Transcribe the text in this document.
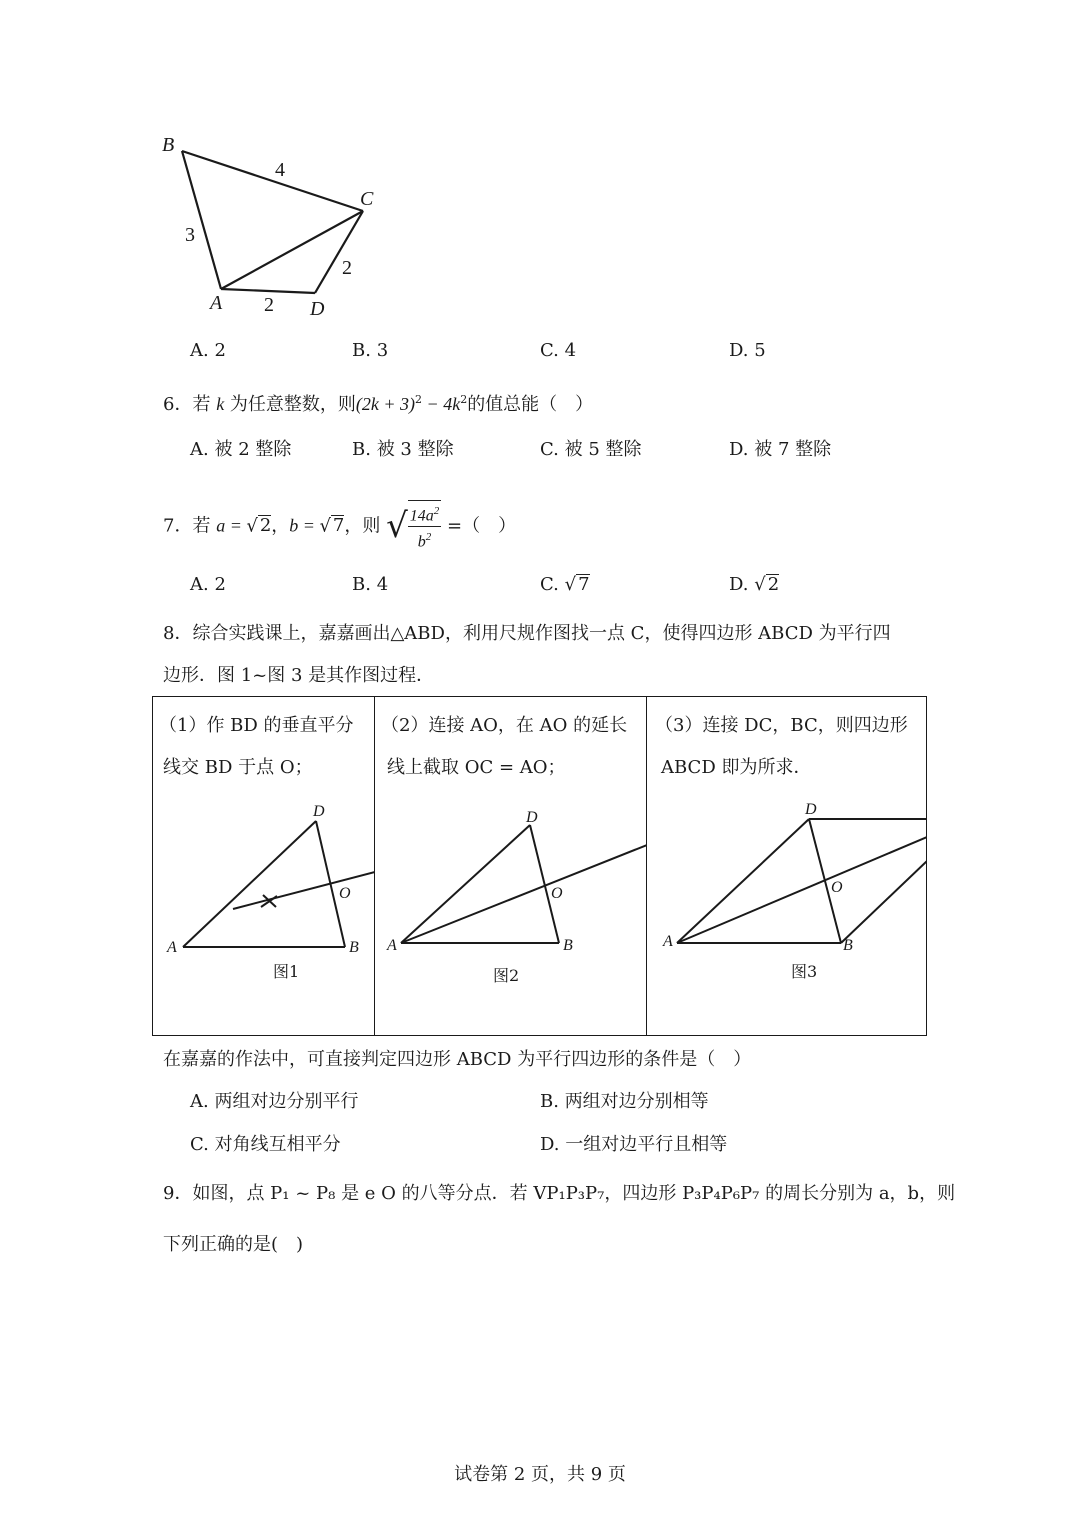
B
C
A	D
4
3
2
2
A. 2	B. 3	C. 4	D. 5
6．若 k 为任意整数，则$(2k + 3)^2 - 4k^2$的值总能（　）
A. 被 2 整除	B. 被 3 整除	C. 被 5 整除	D. 被 7 整除
7．若 a = √ 2，b = √ 7，则 √ $\frac{14a^2}{b^2}$ =（　）
A. 2	B. 4	C. √ 7	D. √ 2
8．综合实践课上，嘉嘉画出△ABD，利用尺规作图找一点 C，使得四边形 ABCD 为平行四
边形．图 1~图 3 是其作图过程．
（1）作 BD 的垂直平分
线交 BD 于点 O；
（2）连接 AO，在 AO 的延长
线上截取 OC = AO；
（3）连接 DC，BC，则四边形
ABCD 即为所求．
D
O
A	B
图1
D
O
A	B
图2
D
O
A	B
图3
在嘉嘉的作法中，可直接判定四边形 ABCD 为平行四边形的条件是（　）
A. 两组对边分别平行	B. 两组对边分别相等
C. 对角线互相平分	D. 一组对边平行且相等
9．如图，点 P₁ ~ P₈ 是 e O 的八等分点．若 VP₁P₃P₇，四边形 P₃P₄P₆P₇ 的周长分别为 a，b，则
下列正确的是(　)
试卷第 2 页，共 9 页
